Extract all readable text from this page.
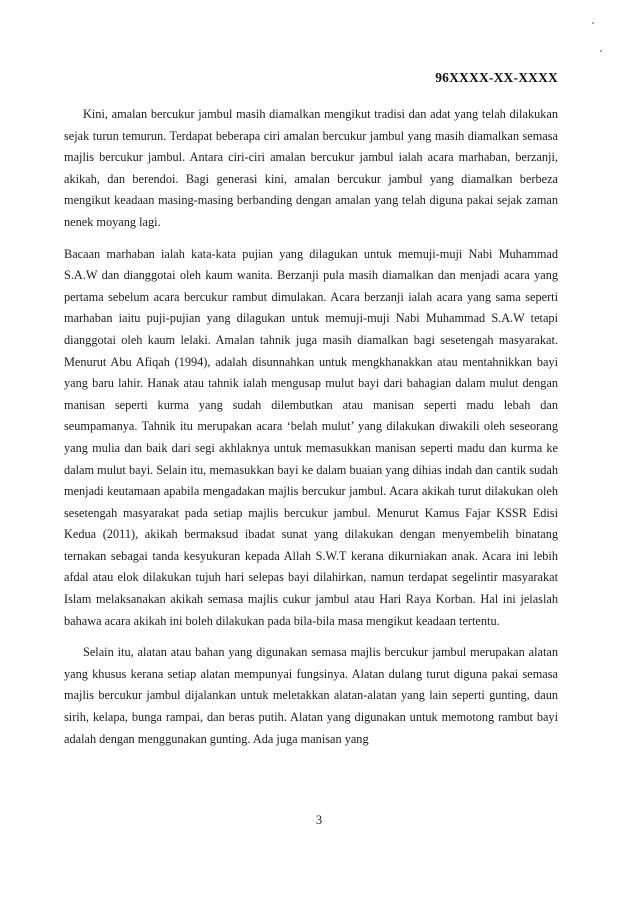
96XXXX-XX-XXXX

Kini, amalan bercukur jambul masih diamalkan mengikut tradisi dan adat yang telah dilakukan sejak turun temurun. Terdapat beberapa ciri amalan bercukur jambul yang masih diamalkan semasa majlis bercukur jambul. Antara ciri-ciri amalan bercukur jambul ialah acara marhaban, berzanji, akikah, dan berendoi. Bagi generasi kini, amalan bercukur jambul yang diamalkan berbeza mengikut keadaan masing-masing berbanding dengan amalan yang telah diguna pakai sejak zaman nenek moyang lagi.

Bacaan marhaban ialah kata-kata pujian yang dilagukan untuk memuji-muji Nabi Muhammad S.A.W dan dianggotai oleh kaum wanita. Berzanji pula masih diamalkan dan menjadi acara yang pertama sebelum acara bercukur rambut dimulakan. Acara berzanji ialah acara yang sama seperti marhaban iaitu puji-pujian yang dilagukan untuk memuji-muji Nabi Muhammad S.A.W tetapi dianggotai oleh kaum lelaki. Amalan tahnik juga masih diamalkan bagi sesetengah masyarakat. Menurut Abu Afiqah (1994), adalah disunnahkan untuk mengkhanakkan atau mentahnikkan bayi yang baru lahir. Hanak atau tahnik ialah mengusap mulut bayi dari bahagian dalam mulut dengan manisan seperti kurma yang sudah dilembutkan atau manisan seperti madu lebah dan seumpamanya. Tahnik itu merupakan acara ‘belah mulut’ yang dilakukan diwakili oleh seseorang yang mulia dan baik dari segi akhlaknya untuk memasukkan manisan seperti madu dan kurma ke dalam mulut bayi. Selain itu, memasukkan bayi ke dalam buaian yang dihias indah dan cantik sudah menjadi keutamaan apabila mengadakan majlis bercukur jambul. Acara akikah turut dilakukan oleh sesetengah masyarakat pada setiap majlis bercukur jambul. Menurut Kamus Fajar KSSR Edisi Kedua (2011), akikah bermaksud ibadat sunat yang dilakukan dengan menyembelih binatang ternakan sebagai tanda kesyukuran kepada Allah S.W.T kerana dikurniakan anak. Acara ini lebih afdal atau elok dilakukan tujuh hari selepas bayi dilahirkan, namun terdapat segelintir masyarakat Islam melaksanakan akikah semasa majlis cukur jambul atau Hari Raya Korban. Hal ini jelaslah bahawa acara akikah ini boleh dilakukan pada bila-bila masa mengikut keadaan tertentu.

Selain itu, alatan atau bahan yang digunakan semasa majlis bercukur jambul merupakan alatan yang khusus kerana setiap alatan mempunyai fungsinya. Alatan dulang turut diguna pakai semasa majlis bercukur jambul dijalankan untuk meletakkan alatan-alatan yang lain seperti gunting, daun sirih, kelapa, bunga rampai, dan beras putih. Alatan yang digunakan untuk memotong rambut bayi adalah dengan menggunakan gunting. Ada juga manisan yang

3
